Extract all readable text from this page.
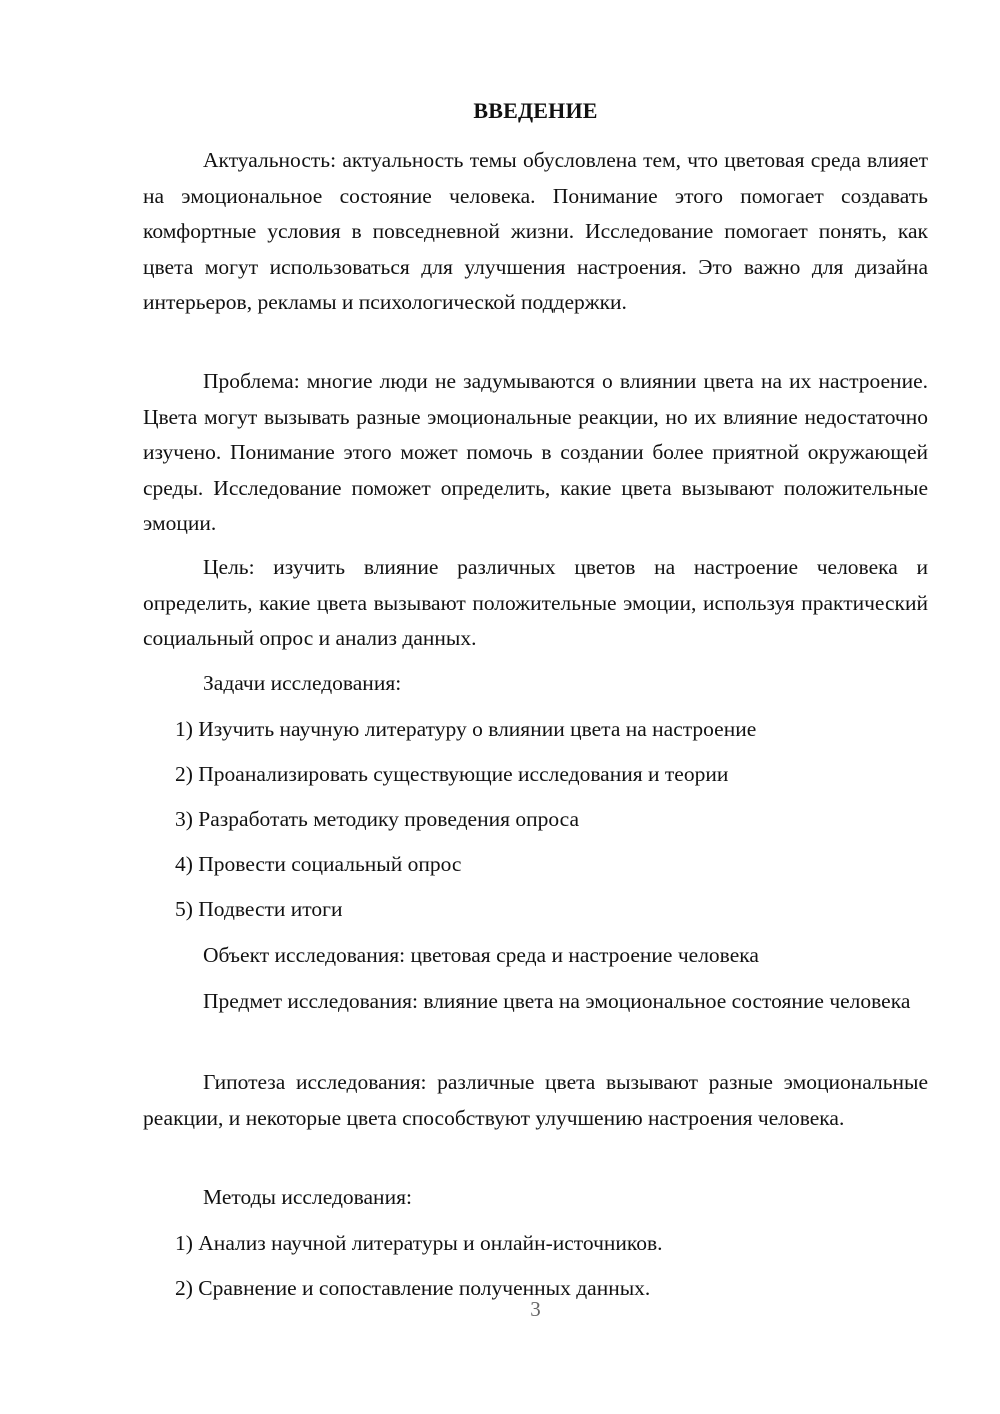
ВВЕДЕНИЕ

Актуальность: актуальность темы обусловлена тем, что цветовая среда влияет на эмоциональное состояние человека. Понимание этого помогает создавать комфортные условия в повседневной жизни. Исследование помогает понять, как цвета могут использоваться для улучшения настроения. Это важно для дизайна интерьеров, рекламы и психологической поддержки.

Проблема: многие люди не задумываются о влиянии цвета на их настроение. Цвета могут вызывать разные эмоциональные реакции, но их влияние недостаточно изучено. Понимание этого может помочь в создании более приятной окружающей среды. Исследование поможет определить, какие цвета вызывают положительные эмоции.

Цель: изучить влияние различных цветов на настроение человека и определить, какие цвета вызывают положительные эмоции, используя практический социальный опрос и анализ данных.

Задачи исследования:

1) Изучить научную литературу о влиянии цвета на настроение

2) Проанализировать существующие исследования и теории

3) Разработать методику проведения опроса

4) Провести социальный опрос

5) Подвести итоги

Объект исследования: цветовая среда и настроение человека

Предмет исследования: влияние цвета на эмоциональное состояние человека

Гипотеза исследования: различные цвета вызывают разные эмоциональные реакции, и некоторые цвета способствуют улучшению настроения человека.

Методы исследования:

1) Анализ научной литературы и онлайн-источников.

2) Сравнение и сопоставление полученных данных.

3
